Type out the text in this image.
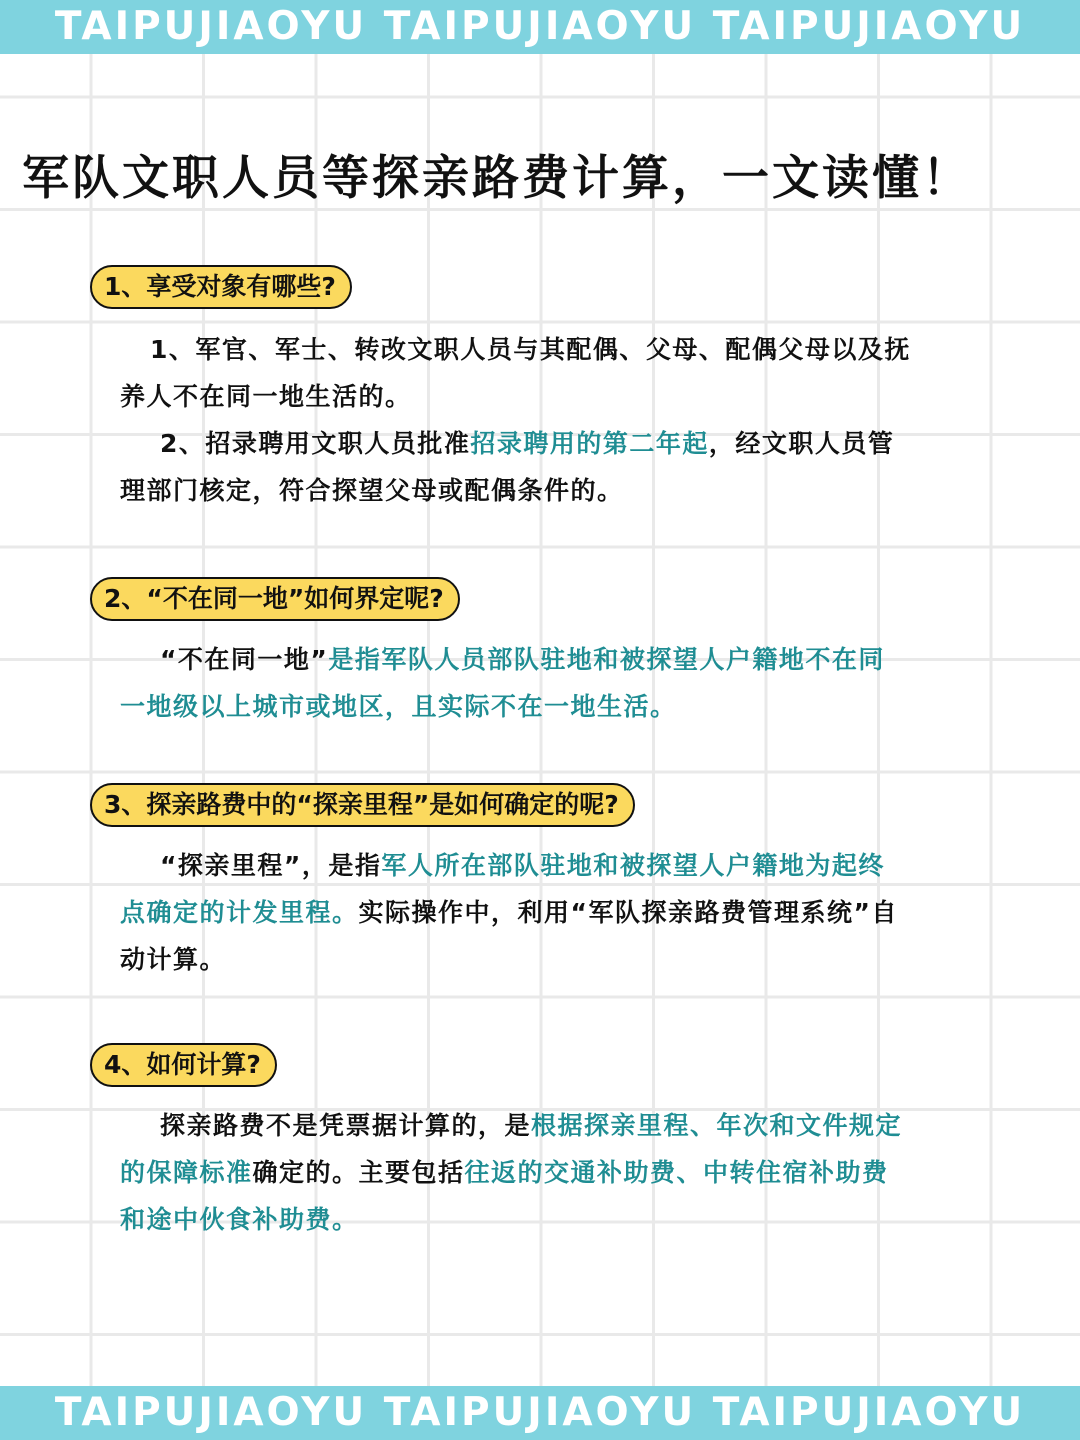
TAIPUJIAOYU TAIPUJIAOYU TAIPUJIAOYU
军队文职人员等探亲路费计算，一文读懂！
1、享受对象有哪些?
1、军官、军士、转改文职人员与其配偶、父母、配偶父母以及抚
养人不在同一地生活的。
2、招录聘用文职人员批准招录聘用的第二年起，经文职人员管
理部门核定，符合探望父母或配偶条件的。
2、“不在同一地”如何界定呢?
“不在同一地”是指军队人员部队驻地和被探望人户籍地不在同
一地级以上城市或地区，且实际不在一地生活。
3、探亲路费中的“探亲里程”是如何确定的呢?
“探亲里程”，是指军人所在部队驻地和被探望人户籍地为起终
点确定的计发里程。实际操作中，利用“军队探亲路费管理系统”自
动计算。
4、如何计算?
探亲路费不是凭票据计算的，是根据探亲里程、年次和文件规定
的保障标准确定的。主要包括往返的交通补助费、中转住宿补助费
和途中伙食补助费。
TAIPUJIAOYU TAIPUJIAOYU TAIPUJIAOYU
